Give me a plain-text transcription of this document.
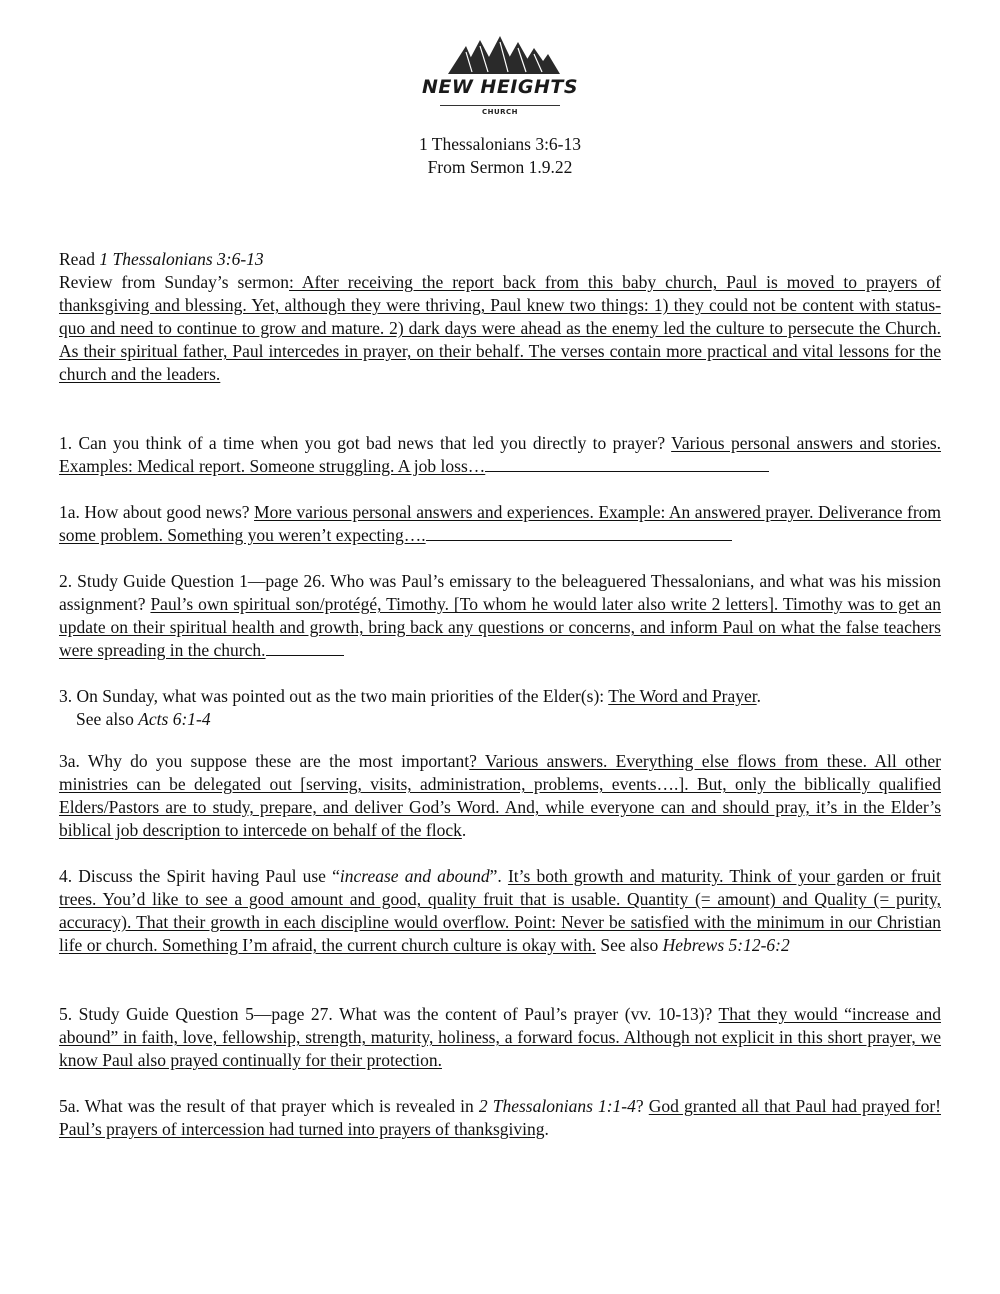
NEW HEIGHTS
CHURCH
1 Thessalonians 3:6-13
From Sermon 1.9.22
Read 1 Thessalonians 3:6-13
Review from Sunday’s sermon: After receiving the report back from this baby church, Paul is moved to prayers of thanksgiving and blessing. Yet, although they were thriving, Paul knew two things: 1) they could not be content with status-quo and need to continue to grow and mature. 2) dark days were ahead as the enemy led the culture to persecute the Church. As their spiritual father, Paul intercedes in prayer, on their behalf. The verses contain more practical and vital lessons for the church and the leaders.
1. Can you think of a time when you got bad news that led you directly to prayer? Various personal answers and stories. Examples: Medical report. Someone struggling. A job loss…
1a. How about good news? More various personal answers and experiences. Example: An answered prayer. Deliverance from some problem. Something you weren’t expecting….
2. Study Guide Question 1—page 26. Who was Paul’s emissary to the beleaguered Thessalonians, and what was his mission assignment? Paul’s own spiritual son/protégé, Timothy. [To whom he would later also write 2 letters]. Timothy was to get an update on their spiritual health and growth, bring back any questions or concerns, and inform Paul on what the false teachers were spreading in the church.
3. On Sunday, what was pointed out as the two main priorities of the Elder(s): The Word and Prayer.
See also Acts 6:1-4
3a. Why do you suppose these are the most important? Various answers. Everything else flows from these. All other ministries can be delegated out [serving, visits, administration, problems, events….]. But, only the biblically qualified Elders/Pastors are to study, prepare, and deliver God’s Word. And, while everyone can and should pray, it’s in the Elder’s biblical job description to intercede on behalf of the flock.
4. Discuss the Spirit having Paul use “increase and abound”. It’s both growth and maturity. Think of your garden or fruit trees. You’d like to see a good amount and good, quality fruit that is usable. Quantity (= amount) and Quality (= purity, accuracy). That their growth in each discipline would overflow. Point: Never be satisfied with the minimum in our Christian life or church. Something I’m afraid, the current church culture is okay with. See also Hebrews 5:12-6:2
5. Study Guide Question 5—page 27. What was the content of Paul’s prayer (vv. 10-13)? That they would “increase and abound” in faith, love, fellowship, strength, maturity, holiness, a forward focus. Although not explicit in this short prayer, we know Paul also prayed continually for their protection.
5a. What was the result of that prayer which is revealed in 2 Thessalonians 1:1-4? God granted all that Paul had prayed for! Paul’s prayers of intercession had turned into prayers of thanksgiving.
